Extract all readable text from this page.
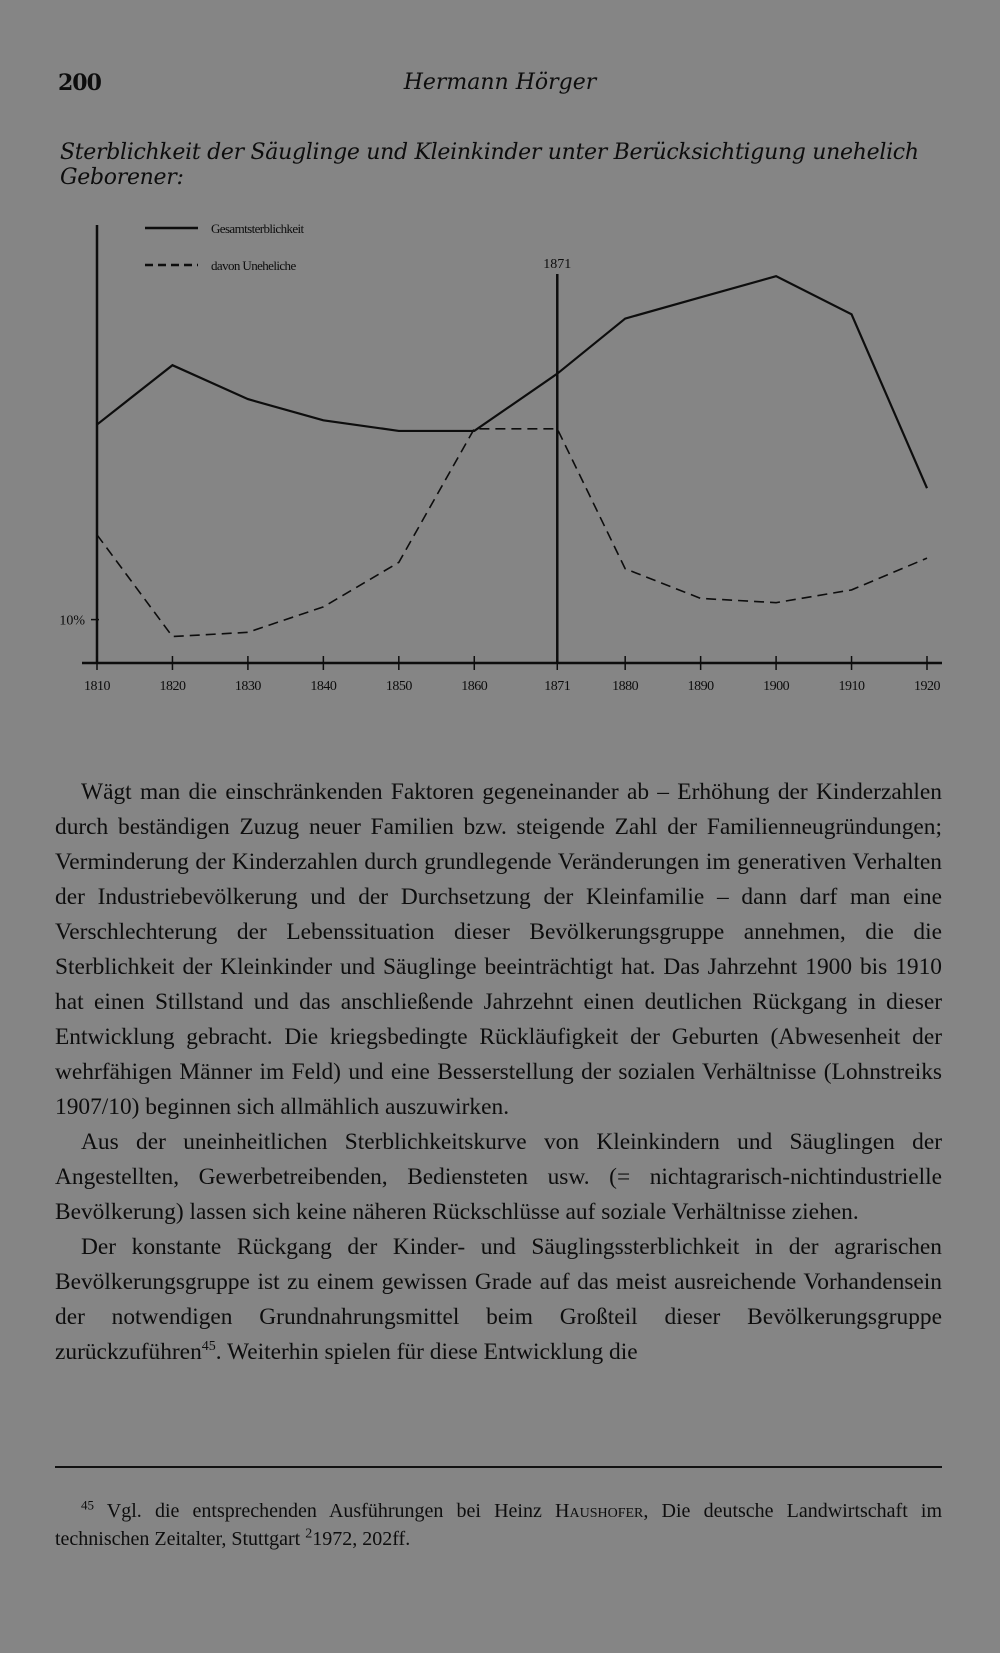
200	Hermann Hörger
Sterblichkeit der Säuglinge und Kleinkinder unter Berücksichtigung unehelich Geborener:
Gesamtsterblichkeit
davon Uneheliche
1810	1820	1830	1840	1850	1860	1871	1880	1890	1900	1910	1920
10%
1871

Wägt man die einschränkenden Faktoren gegeneinander ab – Erhöhung der Kinderzahlen durch beständigen Zuzug neuer Familien bzw. steigende Zahl der Familienneugründungen; Verminderung der Kinderzahlen durch grundlegende Veränderungen im generativen Verhalten der Industriebevölkerung und der Durchsetzung der Kleinfamilie – dann darf man eine Verschlechterung der Lebenssituation dieser Bevölkerungsgruppe annehmen, die die Sterblichkeit der Kleinkinder und Säuglinge beeinträchtigt hat. Das Jahrzehnt 1900 bis 1910 hat einen Stillstand und das anschließende Jahrzehnt einen deutlichen Rückgang in dieser Entwicklung gebracht. Die kriegsbedingte Rückläufigkeit der Geburten (Abwesenheit der wehrfähigen Männer im Feld) und eine Besserstellung der sozialen Verhältnisse (Lohnstreiks 1907/10) beginnen sich allmählich auszuwirken.

Aus der uneinheitlichen Sterblichkeitskurve von Kleinkindern und Säuglingen der Angestellten, Gewerbetreibenden, Bediensteten usw. (= nichtagrarisch-nichtindustrielle Bevölkerung) lassen sich keine näheren Rückschlüsse auf soziale Verhältnisse ziehen.

Der konstante Rückgang der Kinder- und Säuglingssterblichkeit in der agrarischen Bevölkerungsgruppe ist zu einem gewissen Grade auf das meist ausreichende Vorhandensein der notwendigen Grundnahrungsmittel beim Großteil dieser Bevölkerungsgruppe zurückzuführen$^{45}$. Weiterhin spielen für diese Entwicklung die

$^{45}$ Vgl. die entsprechenden Ausführungen bei Heinz Haushofer, Die deutsche Landwirtschaft im technischen Zeitalter, Stuttgart $^2$1972, 202ff.
